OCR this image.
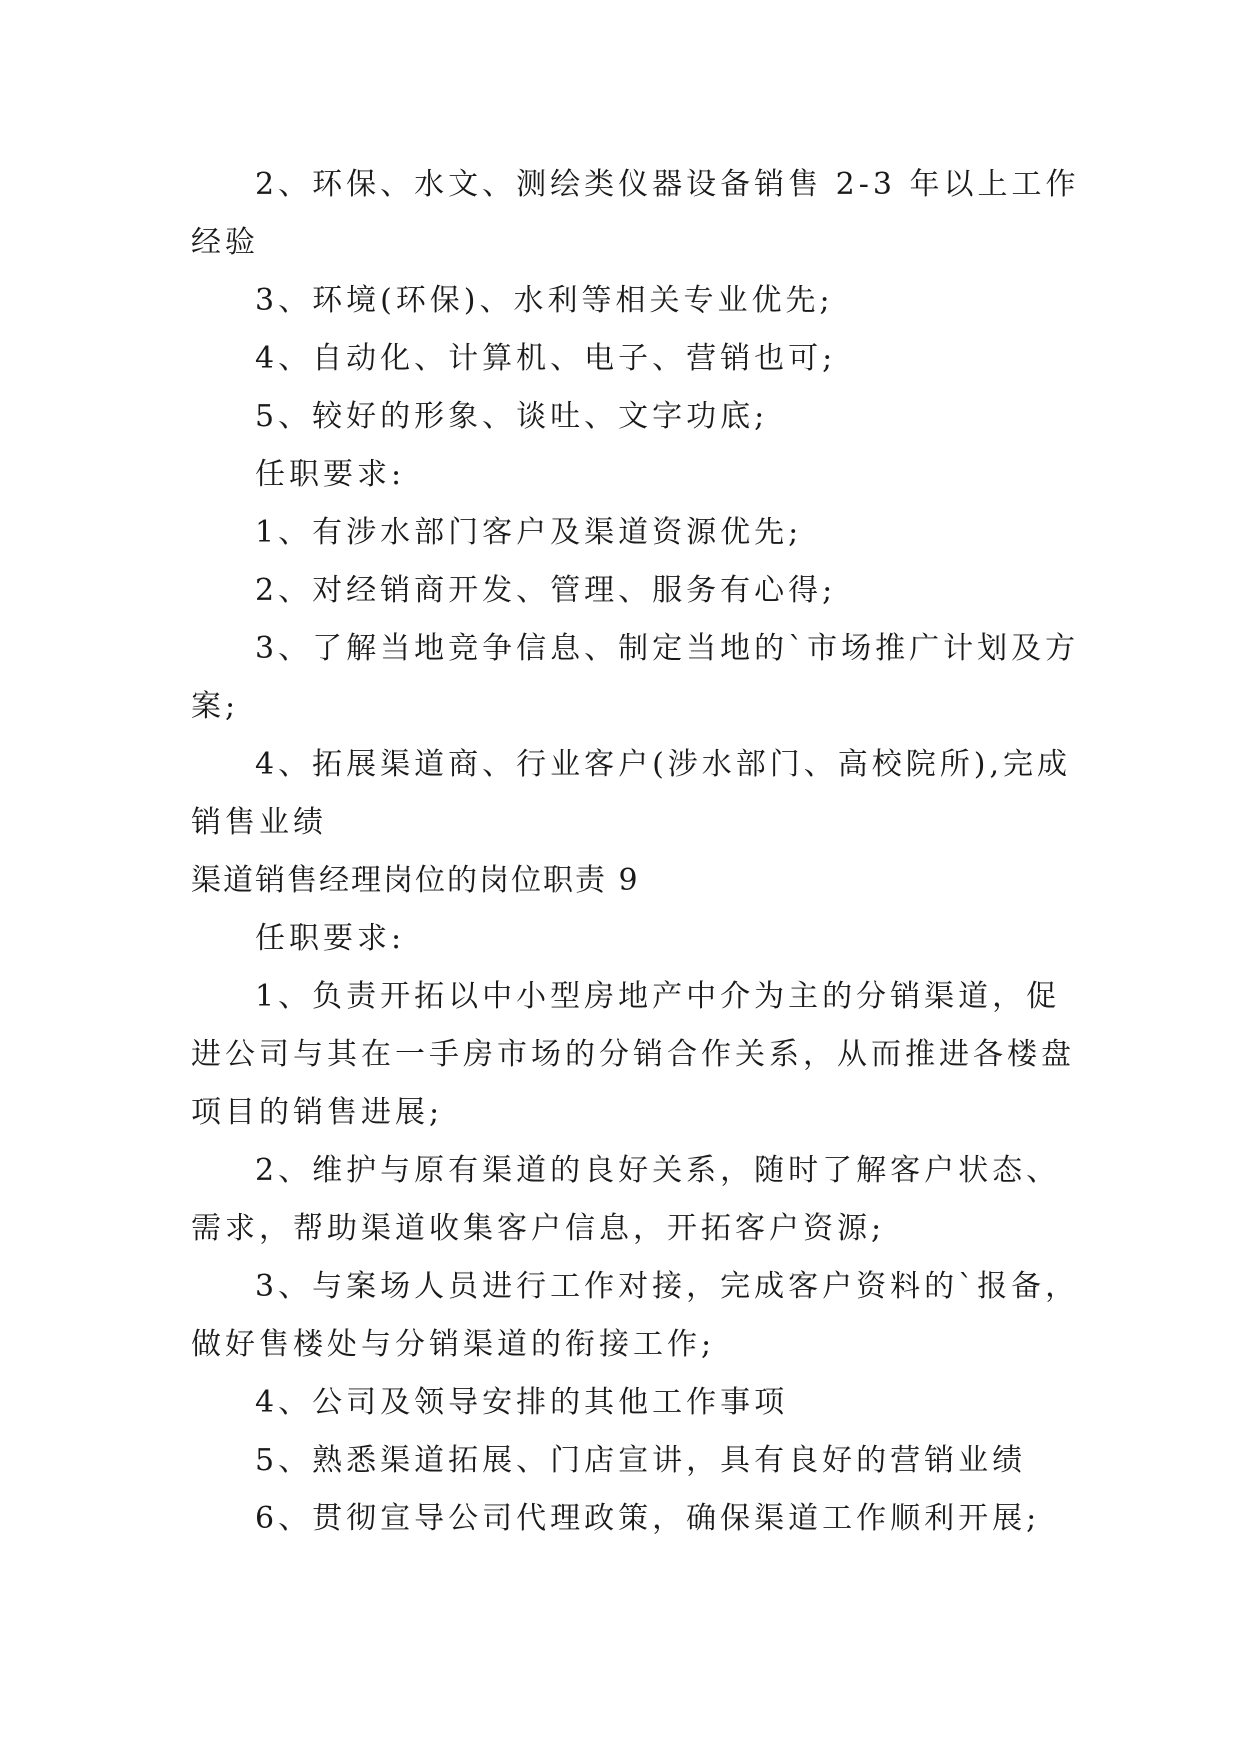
2、环保、水文、测绘类仪器设备销售 2-3 年以上工作
经验
3、环境(环保)、水利等相关专业优先;
4、自动化、计算机、电子、营销也可;
5、较好的形象、谈吐、文字功底;
任职要求:
1、有涉水部门客户及渠道资源优先;
2、对经销商开发、管理、服务有心得;
3、了解当地竞争信息、制定当地的`市场推广计划及方
案;
4、拓展渠道商、行业客户(涉水部门、高校院所),完成
销售业绩
渠道销售经理岗位的岗位职责 9
任职要求:
1、负责开拓以中小型房地产中介为主的分销渠道，促
进公司与其在一手房市场的分销合作关系，从而推进各楼盘
项目的销售进展;
2、维护与原有渠道的良好关系，随时了解客户状态、
需求，帮助渠道收集客户信息，开拓客户资源;
3、与案场人员进行工作对接，完成客户资料的`报备，
做好售楼处与分销渠道的衔接工作;
4、公司及领导安排的其他工作事项
5、熟悉渠道拓展、门店宣讲，具有良好的营销业绩
6、贯彻宣导公司代理政策，确保渠道工作顺利开展;
